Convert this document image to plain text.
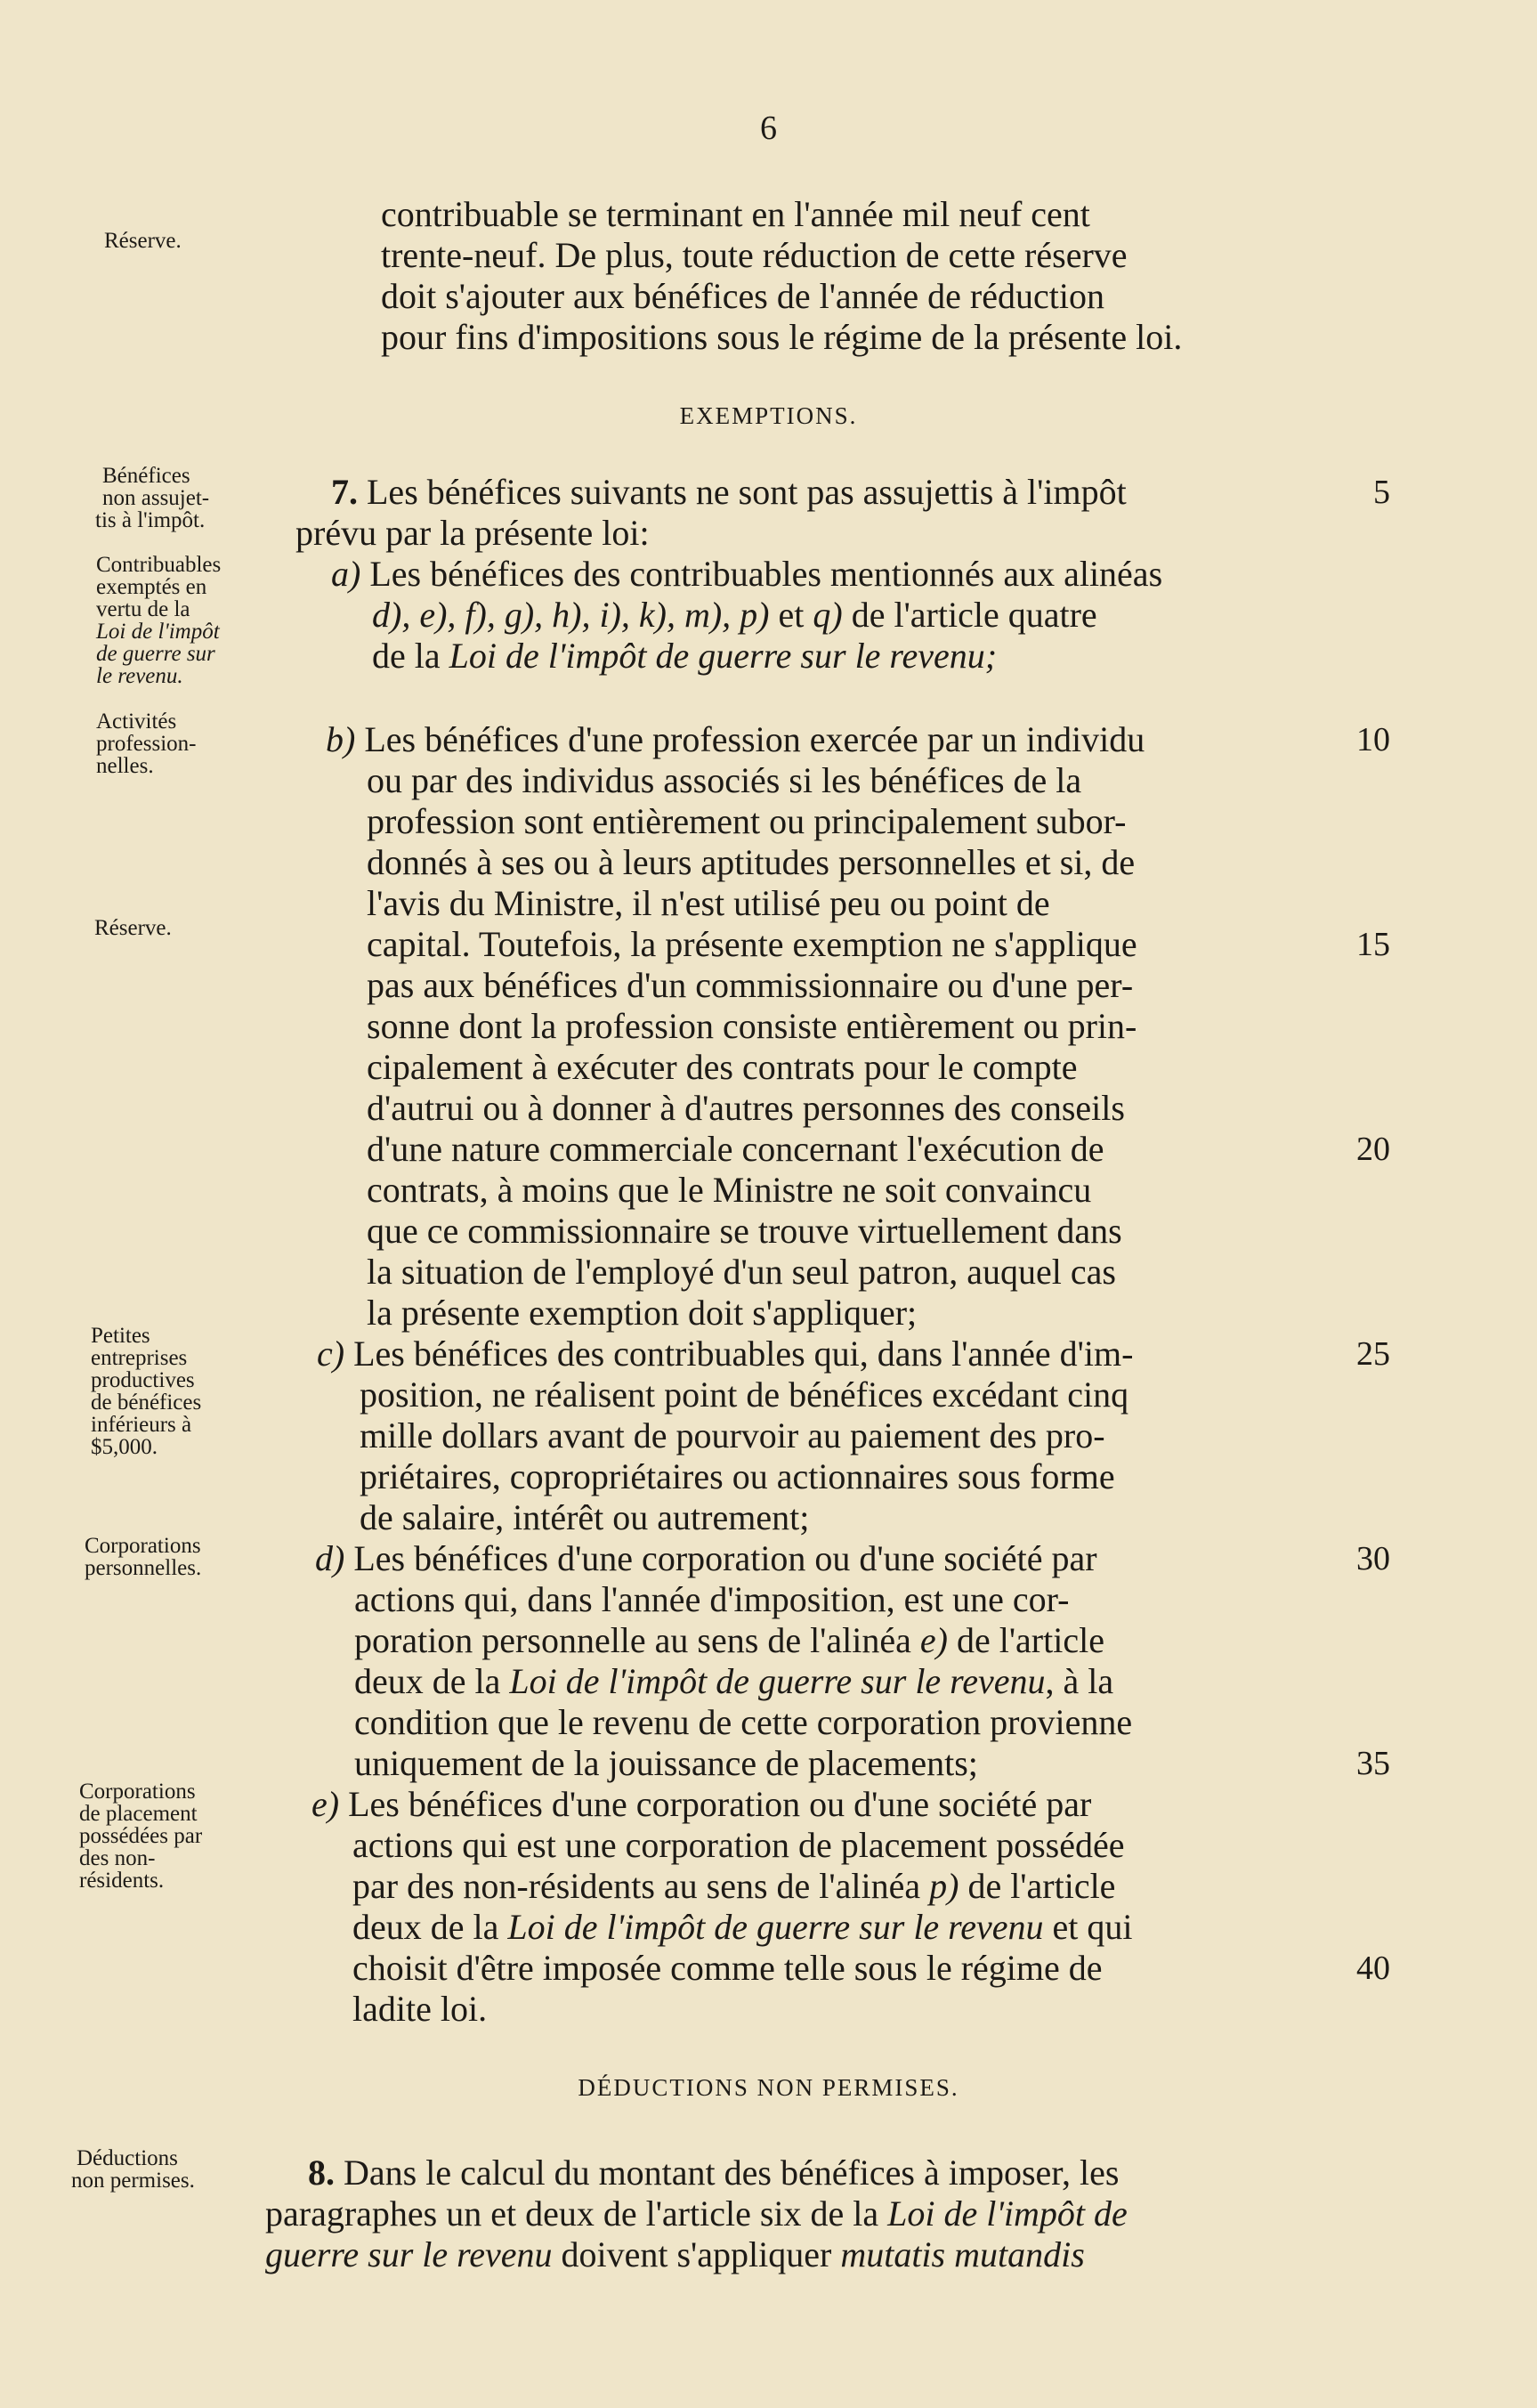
6
contribuable se terminant en l'année mil neuf cent
trente-neuf. De plus, toute réduction de cette réserve
doit s'ajouter aux bénéfices de l'année de réduction
pour fins d'impositions sous le régime de la présente loi.
EXEMPTIONS.
7. Les bénéfices suivants ne sont pas assujettis à l'impôt
prévu par la présente loi:
a) Les bénéfices des contribuables mentionnés aux alinéas
d), e), f), g), h), i), k), m), p) et q) de l'article quatre
de la Loi de l'impôt de guerre sur le revenu;
b) Les bénéfices d'une profession exercée par un individu
ou par des individus associés si les bénéfices de la
profession sont entièrement ou principalement subor-
donnés à ses ou à leurs aptitudes personnelles et si, de
l'avis du Ministre, il n'est utilisé peu ou point de
capital. Toutefois, la présente exemption ne s'applique
pas aux bénéfices d'un commissionnaire ou d'une per-
sonne dont la profession consiste entièrement ou prin-
cipalement à exécuter des contrats pour le compte
d'autrui ou à donner à d'autres personnes des conseils
d'une nature commerciale concernant l'exécution de
contrats, à moins que le Ministre ne soit convaincu
que ce commissionnaire se trouve virtuellement dans
la situation de l'employé d'un seul patron, auquel cas
la présente exemption doit s'appliquer;
c) Les bénéfices des contribuables qui, dans l'année d'im-
position, ne réalisent point de bénéfices excédant cinq
mille dollars avant de pourvoir au paiement des pro-
priétaires, copropriétaires ou actionnaires sous forme
de salaire, intérêt ou autrement;
d) Les bénéfices d'une corporation ou d'une société par
actions qui, dans l'année d'imposition, est une cor-
poration personnelle au sens de l'alinéa e) de l'article
deux de la Loi de l'impôt de guerre sur le revenu, à la
condition que le revenu de cette corporation provienne
uniquement de la jouissance de placements;
e) Les bénéfices d'une corporation ou d'une société par
actions qui est une corporation de placement possédée
par des non-résidents au sens de l'alinéa p) de l'article
deux de la Loi de l'impôt de guerre sur le revenu et qui
choisit d'être imposée comme telle sous le régime de
ladite loi.
DÉDUCTIONS NON PERMISES.
8. Dans le calcul du montant des bénéfices à imposer, les
paragraphes un et deux de l'article six de la Loi de l'impôt de
guerre sur le revenu doivent s'appliquer mutatis mutandis
5
10
15
20
25
30
35
40
Réserve.
Bénéfices
non assujet-
tis à l'impôt.
Contribuables
exemptés en
vertu de la
Loi de l'impôt
de guerre sur
le revenu.
Activités
profession-
nelles.
Réserve.
Petites
entreprises
productives
de bénéfices
inférieurs à
$5,000.
Corporations
personnelles.
Corporations
de placement
possédées par
des non-
résidents.
Déductions
non permises.
